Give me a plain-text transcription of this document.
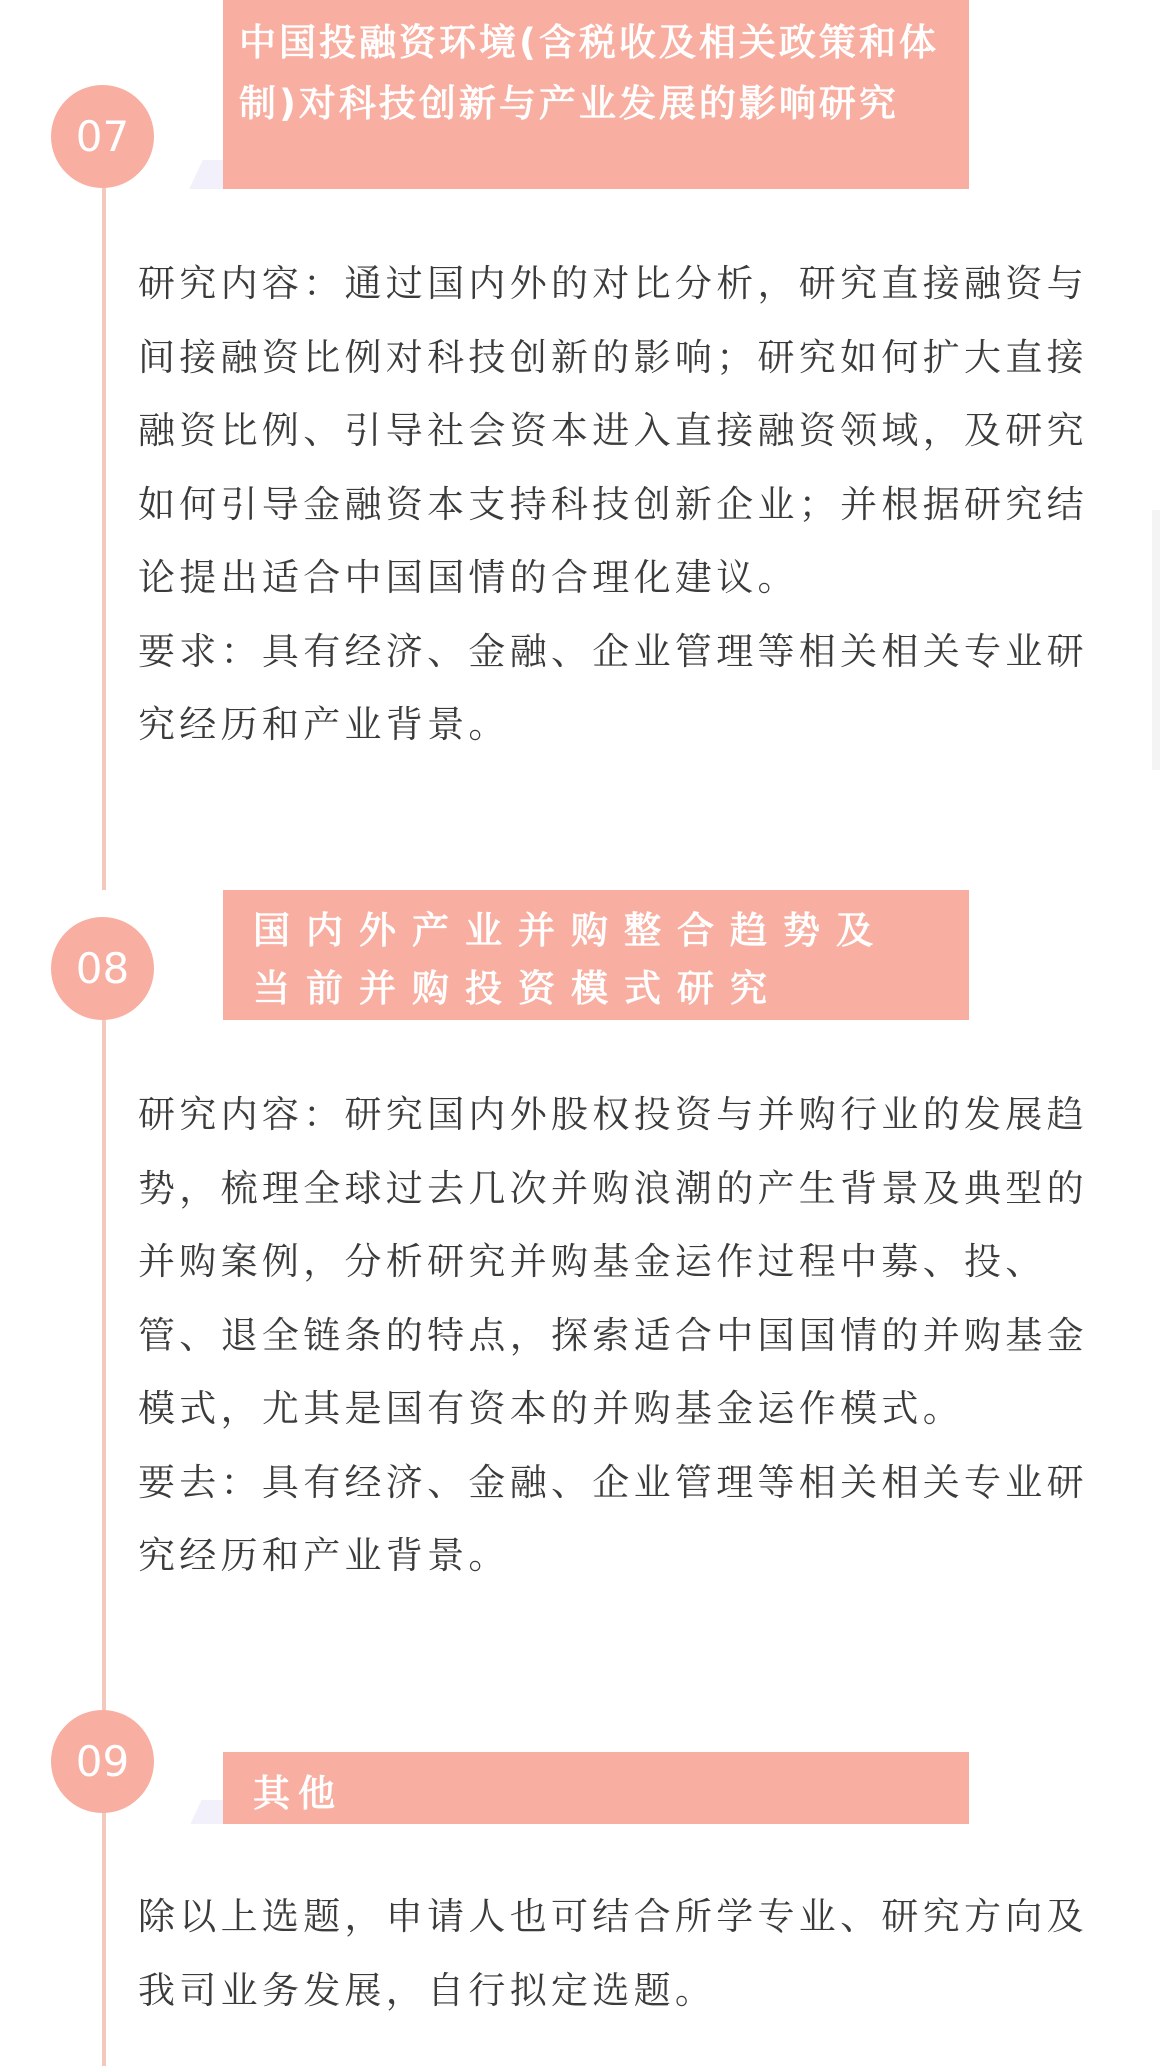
07
中国投融资环境(含税收及相关政策和体制)对科技创新与产业发展的影响研究

研究内容：通过国内外的对比分析，研究直接融资与间接融资比例对科技创新的影响；研究如何扩大直接融资比例、引导社会资本进入直接融资领域，及研究如何引导金融资本支持科技创新企业；并根据研究结论提出适合中国国情的合理化建议。

要求：具有经济、金融、企业管理等相关相关专业研究经历和产业背景。

08
国内外产业并购整合趋势及当前并购投资模式研究

研究内容：研究国内外股权投资与并购行业的发展趋势，梳理全球过去几次并购浪潮的产生背景及典型的并购案例，分析研究并购基金运作过程中募、投、管、退全链条的特点，探索适合中国国情的并购基金模式，尤其是国有资本的并购基金运作模式。

要去：具有经济、金融、企业管理等相关相关专业研究经历和产业背景。

09
其他

除以上选题，申请人也可结合所学专业、研究方向及我司业务发展，自行拟定选题。
